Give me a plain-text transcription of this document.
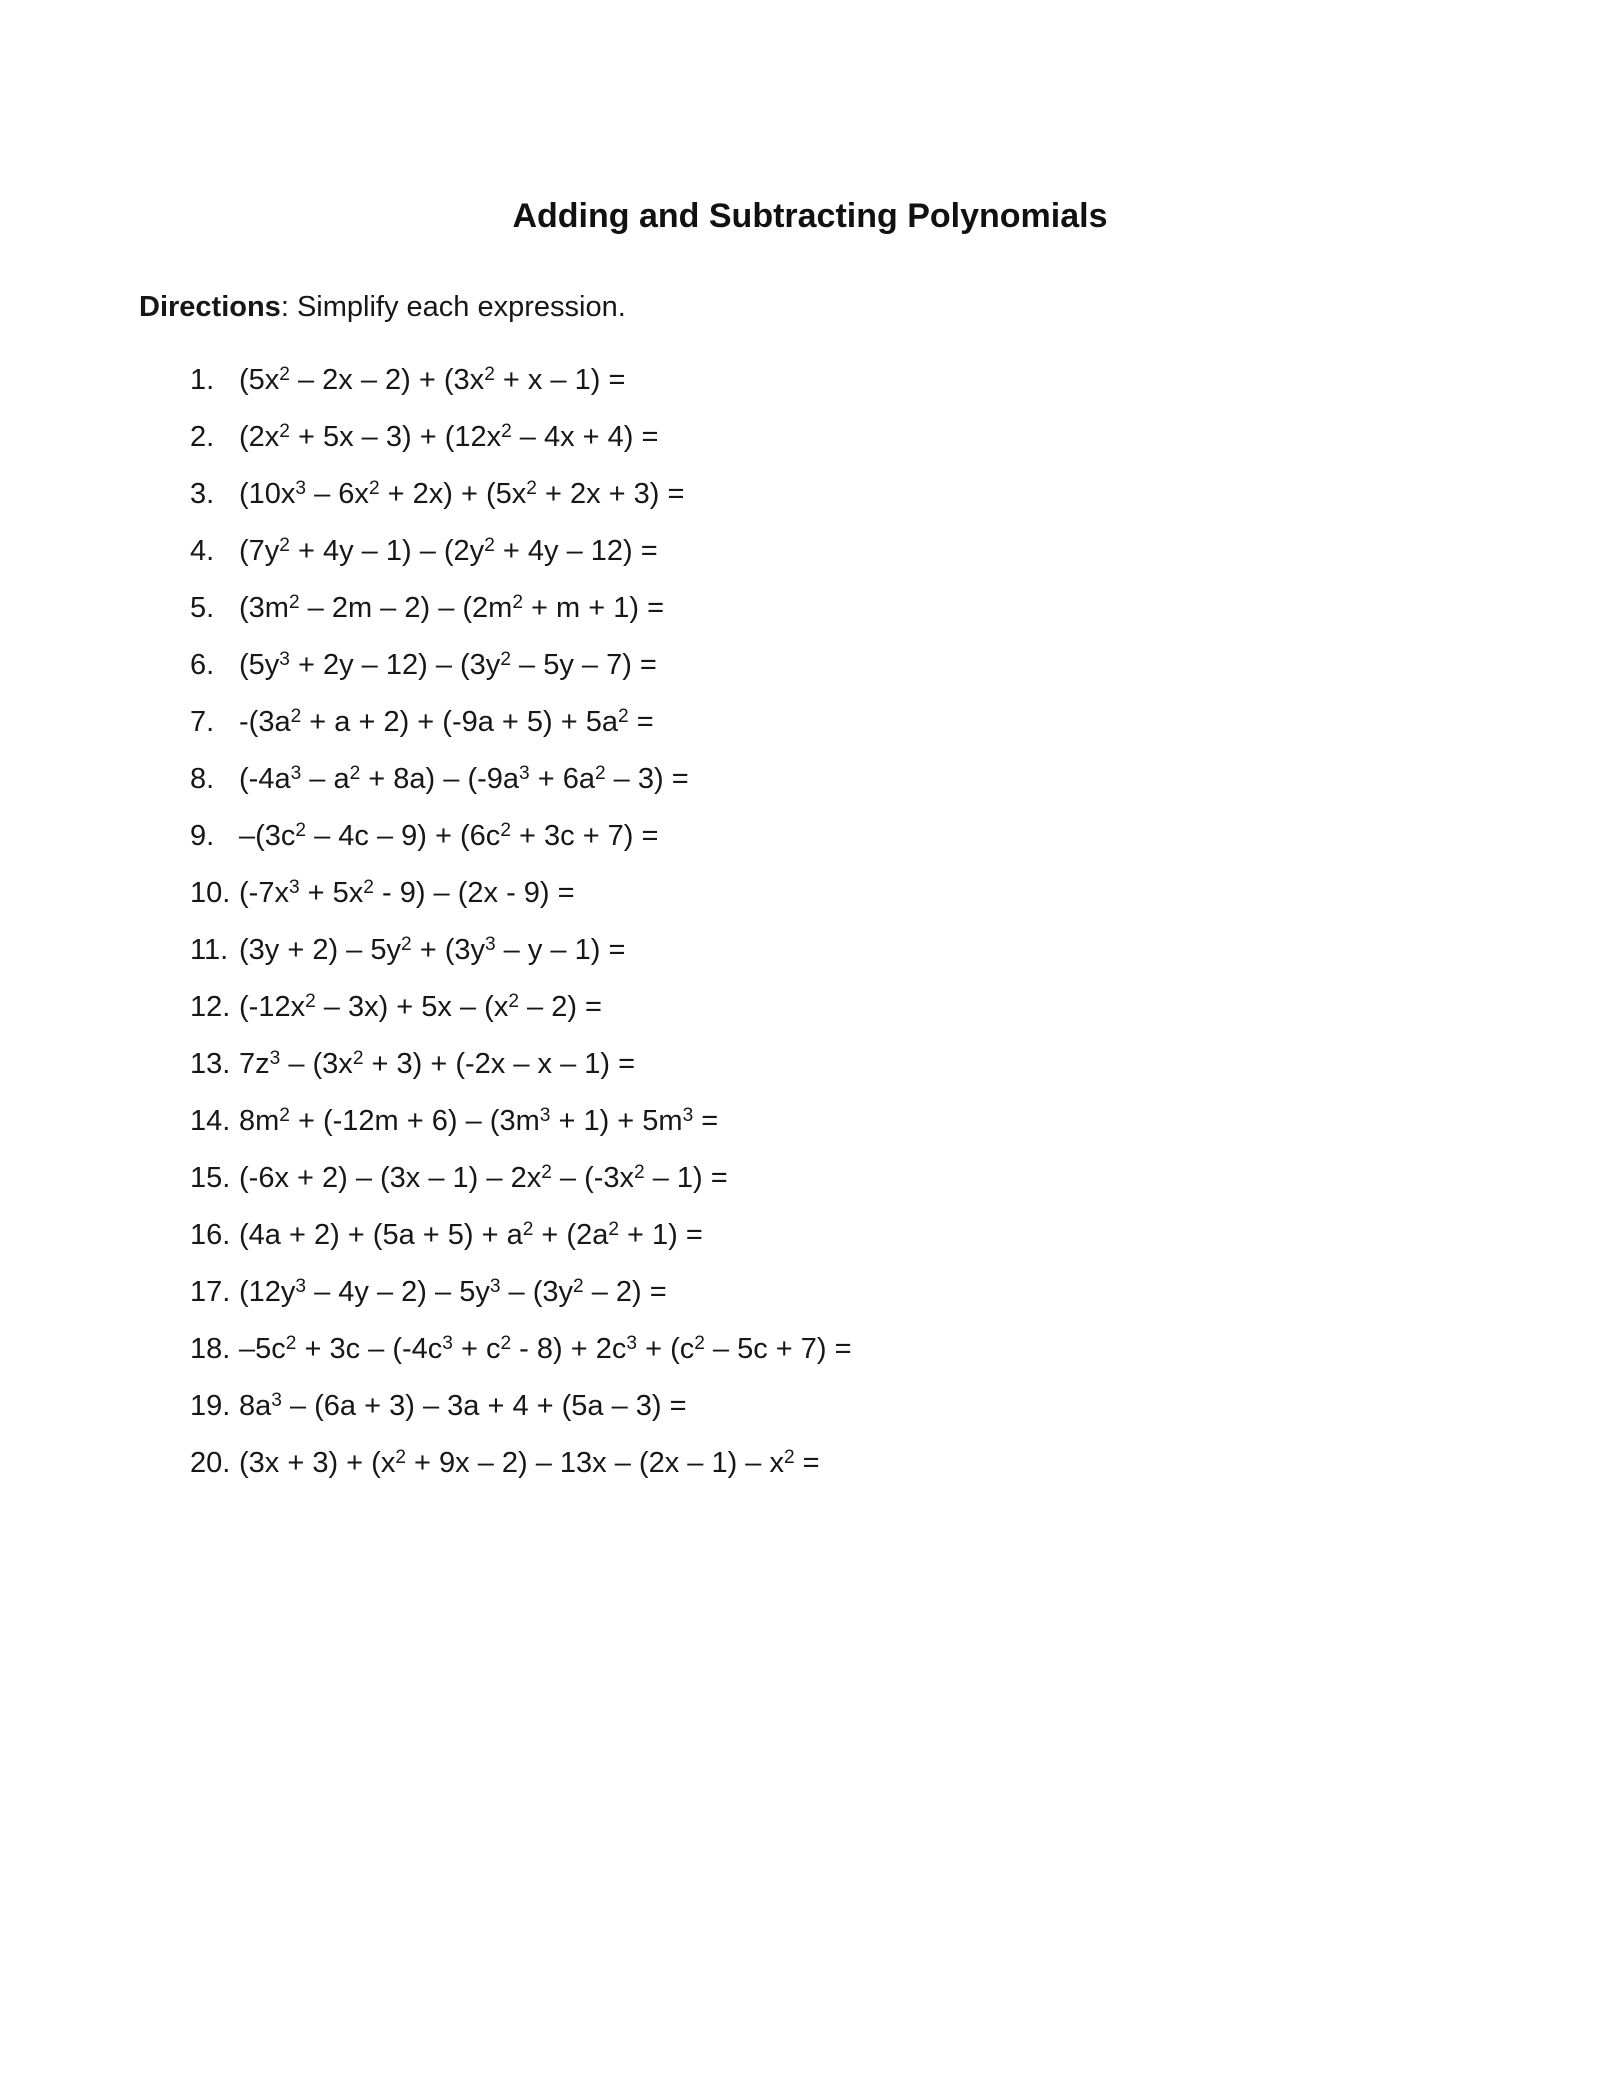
Adding and Subtracting Polynomials

Directions: Simplify each expression.

1. $(5x^2 - 2x - 2) + (3x^2 + x - 1)$ =
2. $(2x^2 + 5x - 3) + (12x^2 - 4x + 4)$ =
3. $(10x^3 - 6x^2 + 2x) + (5x^2 + 2x + 3)$ =
4. $(7y^2 + 4y - 1) - (2y^2 + 4y - 12)$ =
5. $(3m^2 - 2m - 2) - (2m^2 + m + 1)$ =
6. $(5y^3 + 2y - 12) - (3y^2 - 5y - 7)$ =
7. $-(3a^2 + a + 2) + (-9a + 5) + 5a^2$ =
8. $(-4a^3 - a^2 + 8a) - (-9a^3 + 6a^2 - 3)$ =
9. $-(3c^2 - 4c - 9) + (6c^2 + 3c + 7)$ =
10. $(-7x^3 + 5x^2 - 9) - (2x - 9)$ =
11. $(3y + 2) - 5y^2 + (3y^3 - y - 1)$ =
12. $(-12x^2 - 3x) + 5x - (x^2 - 2)$ =
13. $7z^3 - (3x^2 + 3) + (-2x - x - 1)$ =
14. $8m^2 + (-12m + 6) - (3m^3 + 1) + 5m^3$ =
15. $(-6x + 2) - (3x - 1) - 2x^2 - (-3x^2 - 1)$ =
16. $(4a + 2) + (5a + 5) + a^2 + (2a^2 + 1)$ =
17. $(12y^3 - 4y - 2) - 5y^3 - (3y^2 - 2)$ =
18. $-5c^2 + 3c - (-4c^3 + c^2 - 8) + 2c^3 + (c^2 - 5c + 7)$ =
19. $8a^3 - (6a + 3) - 3a + 4 + (5a - 3)$ =
20. $(3x + 3) + (x^2 + 9x - 2) - 13x - (2x - 1) - x^2$ =
